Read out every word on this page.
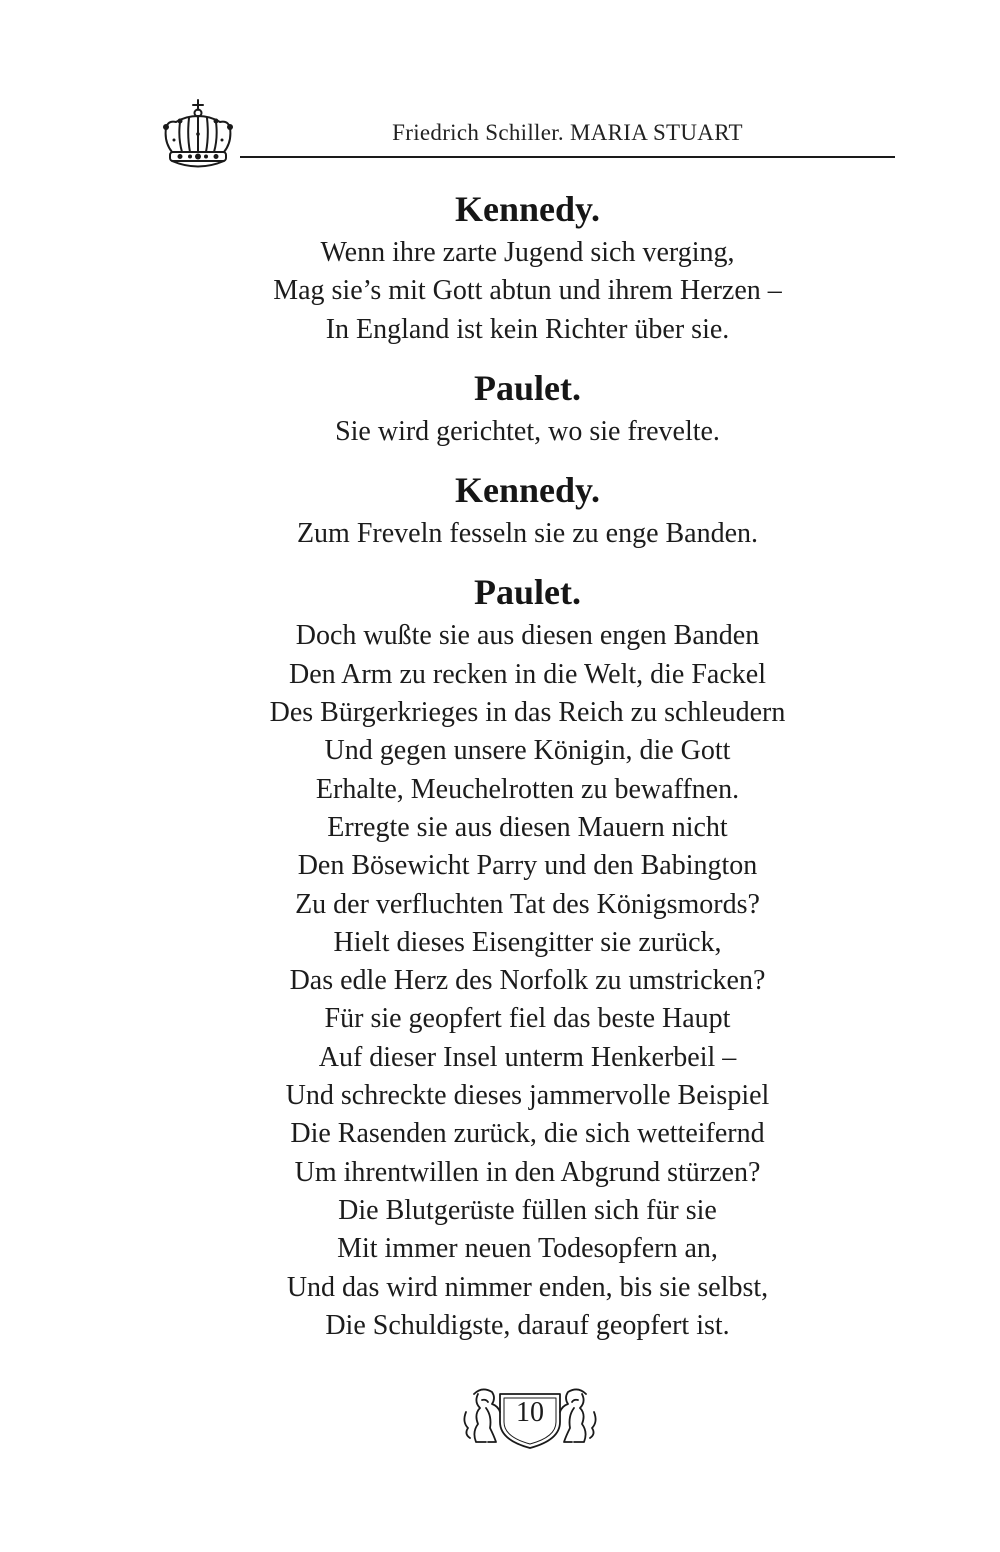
Friedrich Schiller. MARIA STUART
Kennedy.
Wenn ihre zarte Jugend sich verging,
Mag sie’s mit Gott abtun und ihrem Herzen –
In England ist kein Richter über sie.
Paulet.
Sie wird gerichtet, wo sie frevelte.
Kennedy.
Zum Freveln fesseln sie zu enge Banden.
Paulet.
Doch wußte sie aus diesen engen Banden
Den Arm zu recken in die Welt, die Fackel
Des Bürgerkrieges in das Reich zu schleudern
Und gegen unsere Königin, die Gott
Erhalte, Meuchelrotten zu bewaffnen.
Erregte sie aus diesen Mauern nicht
Den Bösewicht Parry und den Babington
Zu der verfluchten Tat des Königsmords?
Hielt dieses Eisengitter sie zurück,
Das edle Herz des Norfolk zu umstricken?
Für sie geopfert fiel das beste Haupt
Auf dieser Insel unterm Henkerbeil –
Und schreckte dieses jammervolle Beispiel
Die Rasenden zurück, die sich wetteifernd
Um ihrentwillen in den Abgrund stürzen?
Die Blutgerüste füllen sich für sie
Mit immer neuen Todesopfern an,
Und das wird nimmer enden, bis sie selbst,
Die Schuldigste, darauf geopfert ist.
10
